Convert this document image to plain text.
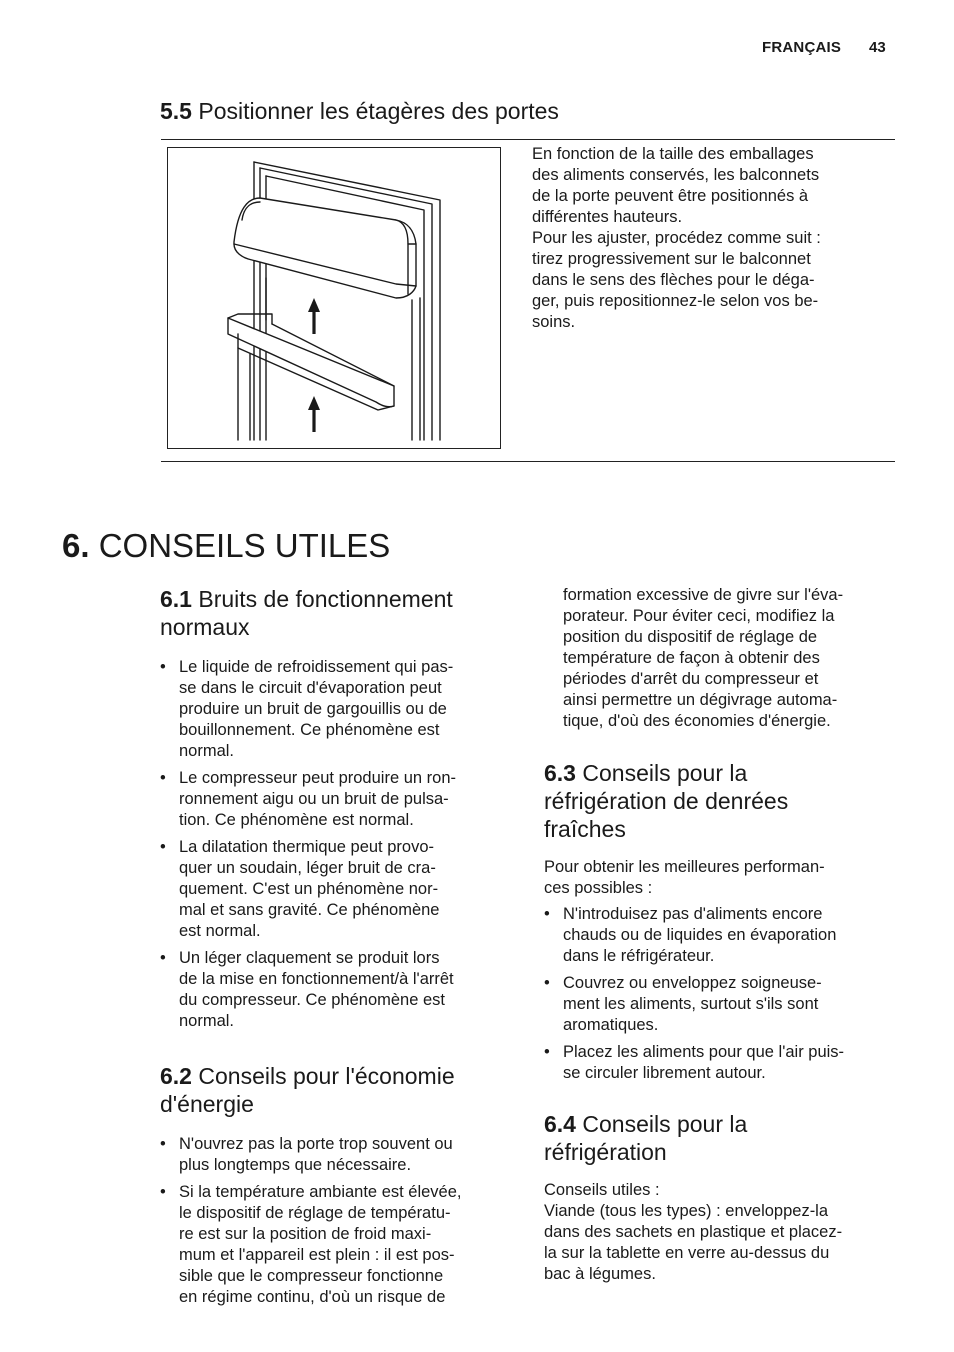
FRANÇAIS 43
5.5 Positionner les étagères des portes

En fonction de la taille des emballages

des aliments conservés, les balconnets

de la porte peuvent être positionnés à

différentes hauteurs.

Pour les ajuster, procédez comme suit :

tirez progressivement sur le balconnet

dans le sens des flèches pour le déga-

ger, puis repositionnez-le selon vos be-

soins.

6. CONSEILS UTILES
6.1 Bruits de fonctionnement
normaux
• Le liquide de refroidissement qui pas-
se dans le circuit d'évaporation peut
produire un bruit de gargouillis ou de
bouillonnement. Ce phénomène est
normal.
• Le compresseur peut produire un ron-
ronnement aigu ou un bruit de pulsa-
tion. Ce phénomène est normal.
• La dilatation thermique peut provo-
quer un soudain, léger bruit de cra-
quement. C'est un phénomène nor-
mal et sans gravité. Ce phénomène
est normal.
• Un léger claquement se produit lors
de la mise en fonctionnement/à l'arrêt
du compresseur. Ce phénomène est
normal.
6.2 Conseils pour l'économie
d'énergie
• N'ouvrez pas la porte trop souvent ou
plus longtemps que nécessaire.
• Si la température ambiante est élevée,
le dispositif de réglage de températu-
re est sur la position de froid maxi-
mum et l'appareil est plein : il est pos-
sible que le compresseur fonctionne
en régime continu, d'où un risque de

formation excessive de givre sur l'éva-

porateur. Pour éviter ceci, modifiez la

position du dispositif de réglage de

température de façon à obtenir des

périodes d'arrêt du compresseur et

ainsi permettre un dégivrage automa-

tique, d'où des économies d'énergie.

6.3 Conseils pour la
réfrigération de denrées
fraîches

Pour obtenir les meilleures performan-

ces possibles :

• N'introduisez pas d'aliments encore
chauds ou de liquides en évaporation
dans le réfrigérateur.
• Couvrez ou enveloppez soigneuse-
ment les aliments, surtout s'ils sont
aromatiques.
• Placez les aliments pour que l'air puis-
se circuler librement autour.
6.4 Conseils pour la
réfrigération

Conseils utiles :

Viande (tous les types) : enveloppez-la

dans des sachets en plastique et placez-

la sur la tablette en verre au-dessus du

bac à légumes.
